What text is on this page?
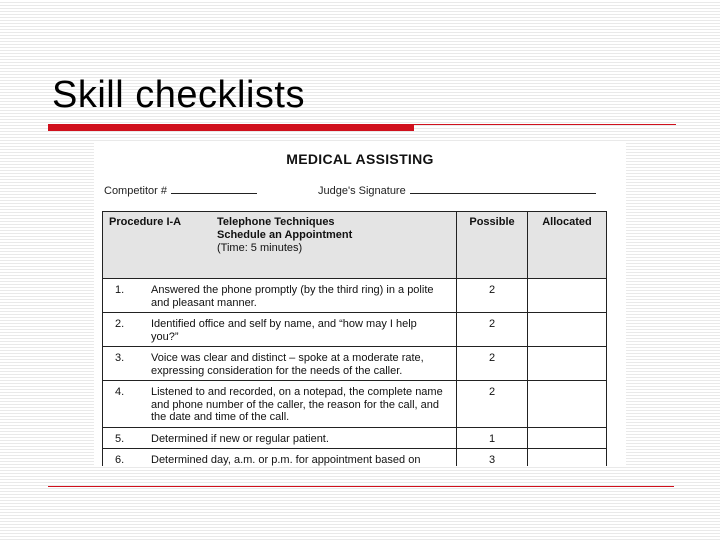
Skill checklists
MEDICAL ASSISTING
Competitor #	Judge's Signature
Procedure I-A Telephone Techniques
Schedule an Appointment
(Time: 5 minutes)	Possible	Allocated
1. Answered the phone promptly (by the third ring) in a polite and pleasant manner.	2	
2. Identified office and self by name, and “how may I help you?”	2	
3. Voice was clear and distinct – spoke at a moderate rate, expressing consideration for the needs of the caller.	2	
4. Listened to and recorded, on a notepad, the complete name and phone number of the caller, the reason for the call, and the date and time of the call.	2	
5. Determined if new or regular patient.	1	
6. Determined day, a.m. or p.m. for appointment based on	3	
